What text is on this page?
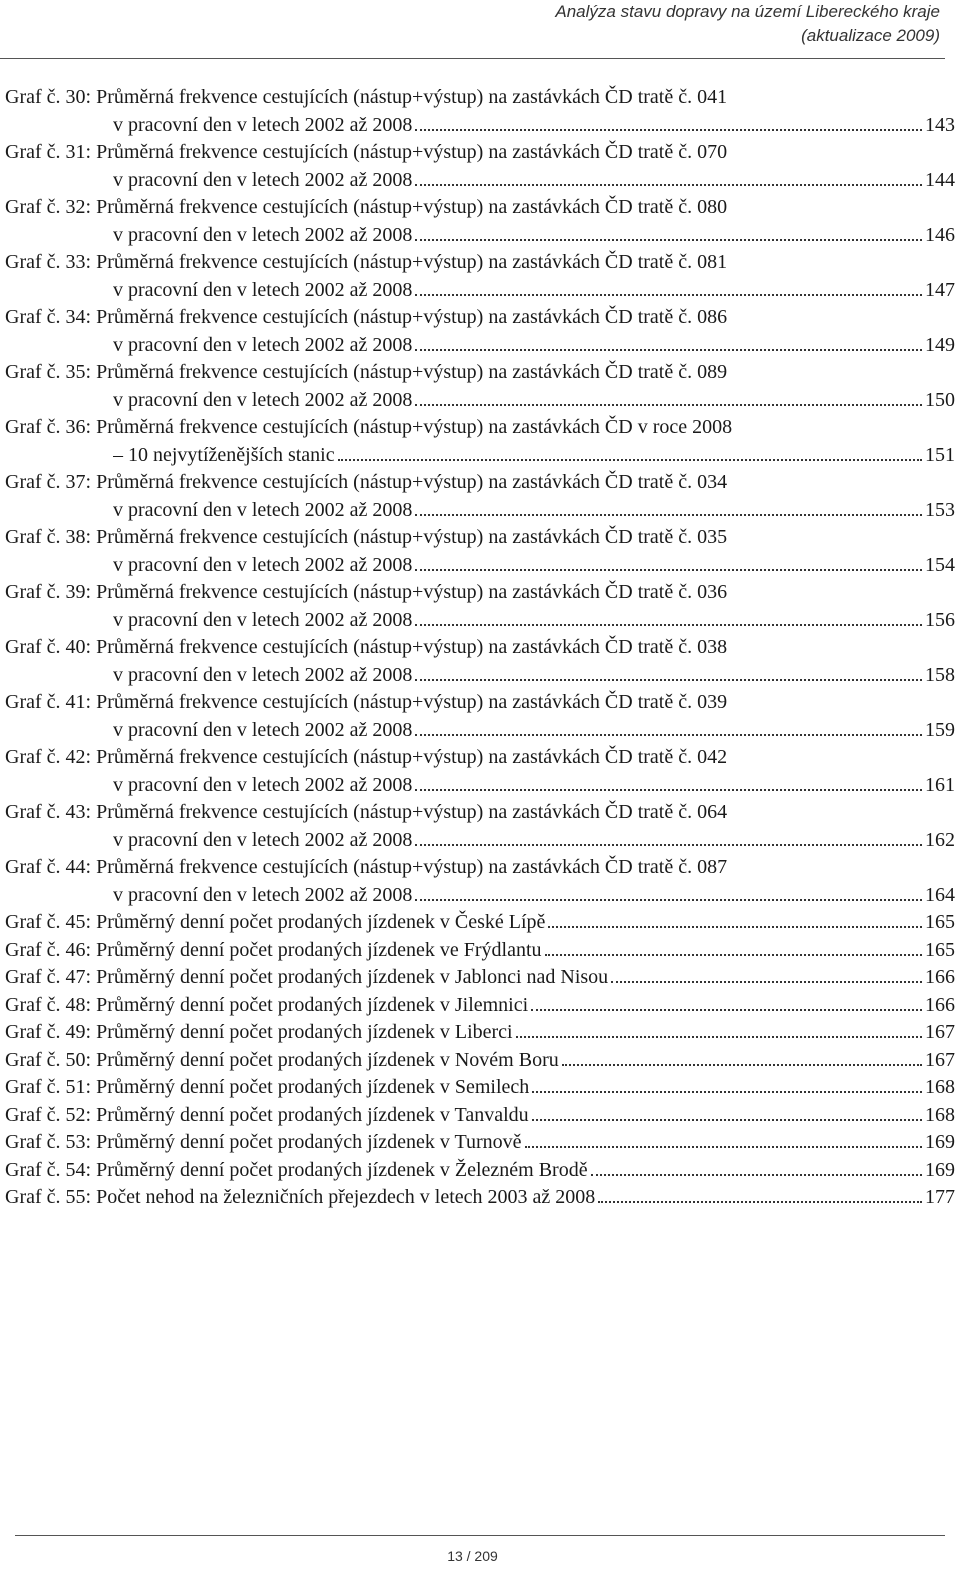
Analýza stavu dopravy na území Libereckého kraje
(aktualizace 2009)
Graf č. 30: Průměrná frekvence cestujících (nástup+výstup) na zastávkách ČD tratě č. 041
v pracovní den v letech 2002 až 2008	143
Graf č. 31: Průměrná frekvence cestujících (nástup+výstup) na zastávkách ČD tratě č. 070
v pracovní den v letech 2002 až 2008	144
Graf č. 32: Průměrná frekvence cestujících (nástup+výstup) na zastávkách ČD tratě č. 080
v pracovní den v letech 2002 až 2008	146
Graf č. 33: Průměrná frekvence cestujících (nástup+výstup) na zastávkách ČD tratě č. 081
v pracovní den v letech 2002 až 2008	147
Graf č. 34: Průměrná frekvence cestujících (nástup+výstup) na zastávkách ČD tratě č. 086
v pracovní den v letech 2002 až 2008	149
Graf č. 35: Průměrná frekvence cestujících (nástup+výstup) na zastávkách ČD tratě č. 089
v pracovní den v letech 2002 až 2008	150
Graf č. 36: Průměrná frekvence cestujících (nástup+výstup) na zastávkách ČD v roce 2008
– 10 nejvytíženějších stanic	151
Graf č. 37: Průměrná frekvence cestujících (nástup+výstup) na zastávkách ČD tratě č. 034
v pracovní den v letech 2002 až 2008	153
Graf č. 38: Průměrná frekvence cestujících (nástup+výstup) na zastávkách ČD tratě č. 035
v pracovní den v letech 2002 až 2008	154
Graf č. 39: Průměrná frekvence cestujících (nástup+výstup) na zastávkách ČD tratě č. 036
v pracovní den v letech 2002 až 2008	156
Graf č. 40: Průměrná frekvence cestujících (nástup+výstup) na zastávkách ČD tratě č. 038
v pracovní den v letech 2002 až 2008	158
Graf č. 41: Průměrná frekvence cestujících (nástup+výstup) na zastávkách ČD tratě č. 039
v pracovní den v letech 2002 až 2008	159
Graf č. 42: Průměrná frekvence cestujících (nástup+výstup) na zastávkách ČD tratě č. 042
v pracovní den v letech 2002 až 2008	161
Graf č. 43: Průměrná frekvence cestujících (nástup+výstup) na zastávkách ČD tratě č. 064
v pracovní den v letech 2002 až 2008	162
Graf č. 44: Průměrná frekvence cestujících (nástup+výstup) na zastávkách ČD tratě č. 087
v pracovní den v letech 2002 až 2008	164
Graf č. 45: Průměrný denní počet prodaných jízdenek v České Lípě	165
Graf č. 46: Průměrný denní počet prodaných jízdenek ve Frýdlantu	165
Graf č. 47: Průměrný denní počet prodaných jízdenek v Jablonci nad Nisou	166
Graf č. 48: Průměrný denní počet prodaných jízdenek v Jilemnici	166
Graf č. 49: Průměrný denní počet prodaných jízdenek v Liberci	167
Graf č. 50: Průměrný denní počet prodaných jízdenek v Novém Boru	167
Graf č. 51: Průměrný denní počet prodaných jízdenek v Semilech	168
Graf č. 52: Průměrný denní počet prodaných jízdenek v Tanvaldu	168
Graf č. 53: Průměrný denní počet prodaných jízdenek v Turnově	169
Graf č. 54: Průměrný denní počet prodaných jízdenek v Železném Brodě	169
Graf č. 55: Počet nehod na železničních přejezdech v letech 2003 až 2008	177
13 / 209
